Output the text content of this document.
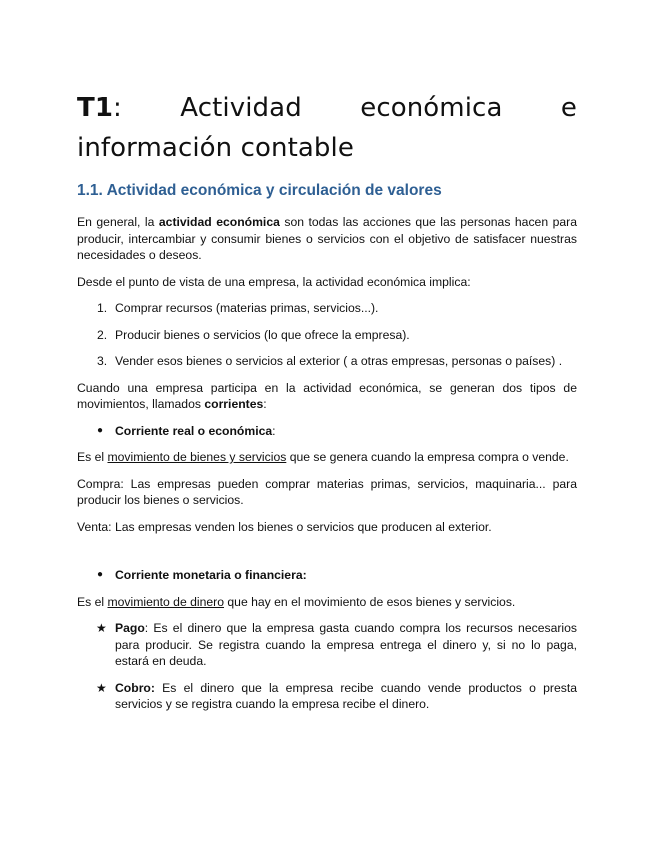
T1: Actividad económica e información contable
1.1. Actividad económica y circulación de valores

En general, la actividad económica son todas las acciones que las personas hacen para producir, intercambiar y consumir bienes o servicios con el objetivo de satisfacer nuestras necesidades o deseos.

Desde el punto de vista de una empresa, la actividad económica implica:

1. Comprar recursos (materias primas, servicios...).
2. Producir bienes o servicios (lo que ofrece la empresa).
3. Vender esos bienes o servicios al exterior ( a otras empresas, personas o países) .

Cuando una empresa participa en la actividad económica, se generan dos tipos de movimientos, llamados corrientes:

● Corriente real o económica:

Es el movimiento de bienes y servicios que se genera cuando la empresa compra o vende.

Compra: Las empresas pueden comprar materias primas, servicios, maquinaria... para producir los bienes o servicios.

Venta: Las empresas venden los bienes o servicios que producen al exterior.

● Corriente monetaria o financiera:

Es el movimiento de dinero que hay en el movimiento de esos bienes y servicios.

★ Pago: Es el dinero que la empresa gasta cuando compra los recursos necesarios para producir. Se registra cuando la empresa entrega el dinero y, si no lo paga, estará en deuda.
★ Cobro: Es el dinero que la empresa recibe cuando vende productos o presta servicios y se registra cuando la empresa recibe el dinero.
